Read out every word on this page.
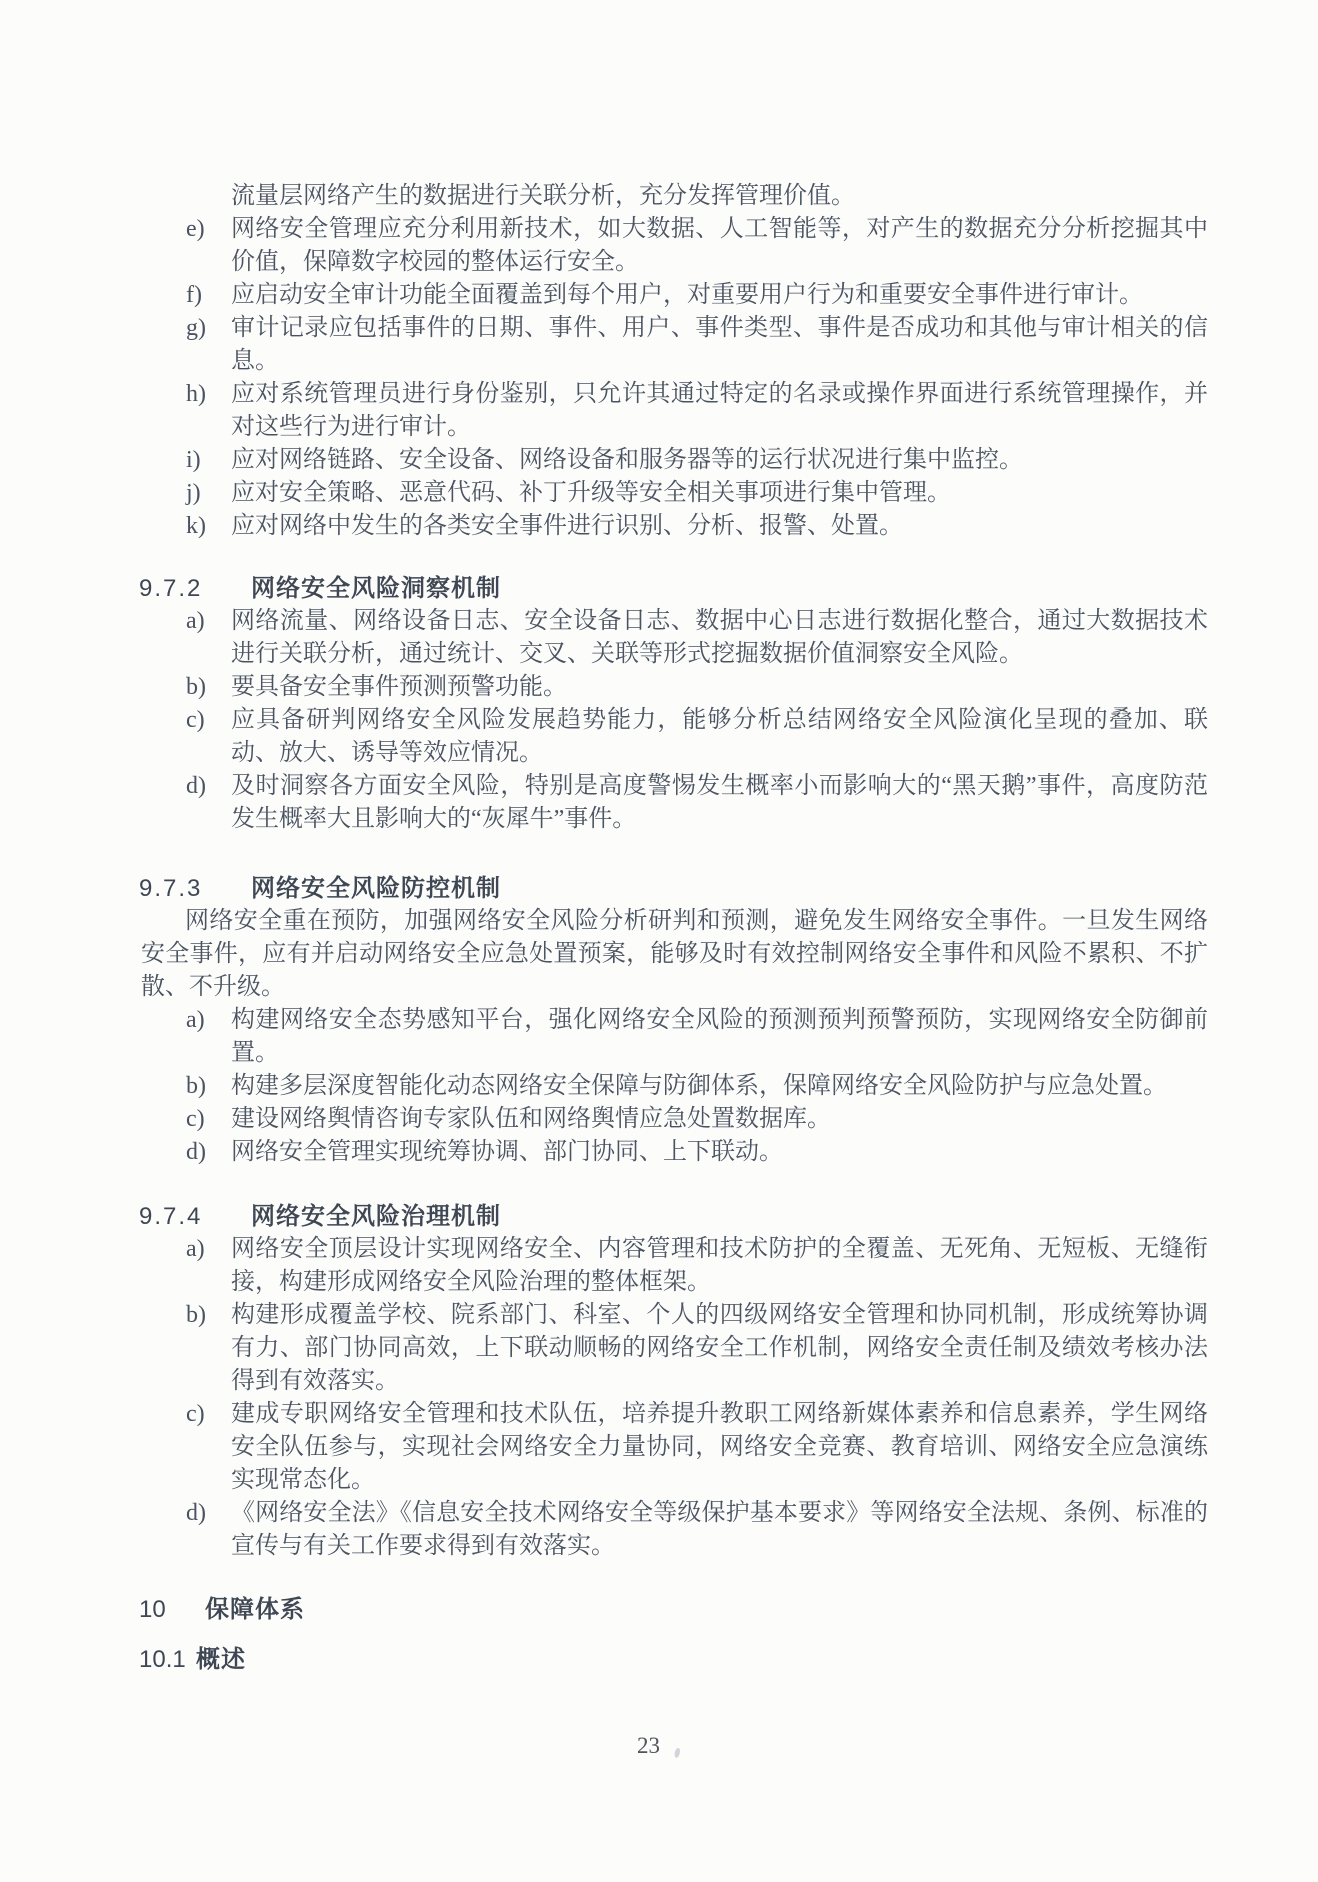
流量层网络产生的数据进行关联分析，充分发挥管理价值。
e)	网络安全管理应充分利用新技术，如大数据、人工智能等，对产生的数据充分分析挖掘其中价值，保障数字校园的整体运行安全。
f)	应启动安全审计功能全面覆盖到每个用户，对重要用户行为和重要安全事件进行审计。
g)	审计记录应包括事件的日期、事件、用户、事件类型、事件是否成功和其他与审计相关的信息。
h)	应对系统管理员进行身份鉴别，只允许其通过特定的名录或操作界面进行系统管理操作，并对这些行为进行审计。
i)	应对网络链路、安全设备、网络设备和服务器等的运行状况进行集中监控。
j)	应对安全策略、恶意代码、补丁升级等安全相关事项进行集中管理。
k)	应对网络中发生的各类安全事件进行识别、分析、报警、处置。
9.7.2	网络安全风险洞察机制
a)	网络流量、网络设备日志、安全设备日志、数据中心日志进行数据化整合，通过大数据技术进行关联分析，通过统计、交叉、关联等形式挖掘数据价值洞察安全风险。
b)	要具备安全事件预测预警功能。
c)	应具备研判网络安全风险发展趋势能力，能够分析总结网络安全风险演化呈现的叠加、联动、放大、诱导等效应情况。
d)	及时洞察各方面安全风险，特别是高度警惕发生概率小而影响大的“黑天鹅”事件，高度防范发生概率大且影响大的“灰犀牛”事件。
9.7.3	网络安全风险防控机制
网络安全重在预防，加强网络安全风险分析研判和预测，避免发生网络安全事件。一旦发生网络安全事件，应有并启动网络安全应急处置预案，能够及时有效控制网络安全事件和风险不累积、不扩散、不升级。
a)	构建网络安全态势感知平台，强化网络安全风险的预测预判预警预防，实现网络安全防御前置。
b)	构建多层深度智能化动态网络安全保障与防御体系，保障网络安全风险防护与应急处置。
c)	建设网络舆情咨询专家队伍和网络舆情应急处置数据库。
d)	网络安全管理实现统筹协调、部门协同、上下联动。
9.7.4	网络安全风险治理机制
a)	网络安全顶层设计实现网络安全、内容管理和技术防护的全覆盖、无死角、无短板、无缝衔接，构建形成网络安全风险治理的整体框架。
b)	构建形成覆盖学校、院系部门、科室、个人的四级网络安全管理和协同机制，形成统筹协调有力、部门协同高效，上下联动顺畅的网络安全工作机制，网络安全责任制及绩效考核办法得到有效落实。
c)	建成专职网络安全管理和技术队伍，培养提升教职工网络新媒体素养和信息素养，学生网络安全队伍参与，实现社会网络安全力量协同，网络安全竞赛、教育培训、网络安全应急演练实现常态化。
d)	《网络安全法》《信息安全技术网络安全等级保护基本要求》等网络安全法规、条例、标准的宣传与有关工作要求得到有效落实。
10	保障体系
10.1 概述
23
